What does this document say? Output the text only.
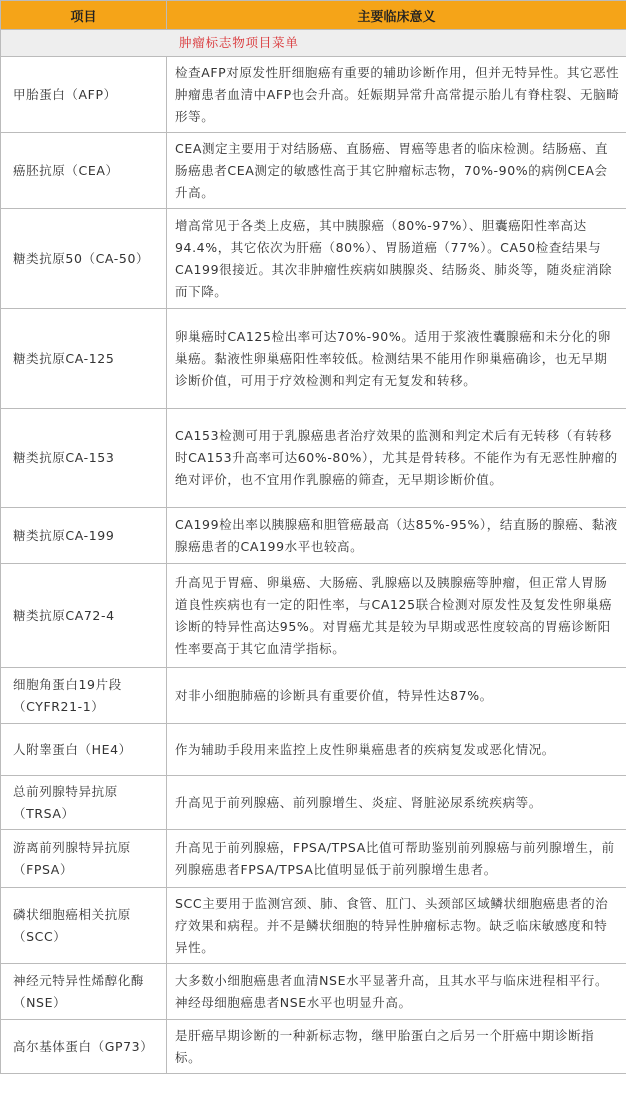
项目	主要临床意义
肿瘤标志物项目菜单	
甲胎蛋白（AFP）	检查AFP对原发性肝细胞癌有重要的辅助诊断作用，但并无特异性。其它恶性肿瘤患者血清中AFP也会升高。妊娠期异常升高常提示胎儿有脊柱裂、无脑畸形等。
癌胚抗原（CEA）	CEA测定主要用于对结肠癌、直肠癌、胃癌等患者的临床检测。结肠癌、直肠癌患者CEA测定的敏感性高于其它肿瘤标志物，70%-90%的病例CEA会升高。
糖类抗原50（CA-50）	增高常见于各类上皮癌，其中胰腺癌（80%-97%）、胆囊癌阳性率高达94.4%，其它依次为肝癌（80%）、胃肠道癌（77%）。CA50检查结果与CA199很接近。其次非肿瘤性疾病如胰腺炎、结肠炎、肺炎等，随炎症消除而下降。
糖类抗原CA-125	卵巢癌时CA125检出率可达70%-90%。适用于浆液性囊腺癌和未分化的卵巢癌。黏液性卵巢癌阳性率较低。检测结果不能用作卵巢癌确诊，也无早期诊断价值，可用于疗效检测和判定有无复发和转移。
糖类抗原CA-153	CA153检测可用于乳腺癌患者治疗效果的监测和判定术后有无转移（有转移时CA153升高率可达60%-80%），尤其是骨转移。不能作为有无恶性肿瘤的绝对评价，也不宜用作乳腺癌的筛查，无早期诊断价值。
糖类抗原CA-199	CA199检出率以胰腺癌和胆管癌最高（达85%-95%），结直肠的腺癌、黏液腺癌患者的CA199水平也较高。
糖类抗原CA72-4	升高见于胃癌、卵巢癌、大肠癌、乳腺癌以及胰腺癌等肿瘤，但正常人胃肠道良性疾病也有一定的阳性率，与CA125联合检测对原发性及复发性卵巢癌诊断的特异性高达95%。对胃癌尤其是较为早期或恶性度较高的胃癌诊断阳性率要高于其它血清学指标。
细胞角蛋白19片段（CYFR21-1）	对非小细胞肺癌的诊断具有重要价值，特异性达87%。
人附睾蛋白（HE4）	作为辅助手段用来监控上皮性卵巢癌患者的疾病复发或恶化情况。
总前列腺特异抗原（TRSA）	升高见于前列腺癌、前列腺增生、炎症、肾脏泌尿系统疾病等。
游离前列腺特异抗原（FPSA）	升高见于前列腺癌，FPSA/TPSA比值可帮助鉴别前列腺癌与前列腺增生，前列腺癌患者FPSA/TPSA比值明显低于前列腺增生患者。
磷状细胞癌相关抗原（SCC）	SCC主要用于监测宫颈、肺、食管、肛门、头颈部区域鳞状细胞癌患者的治疗效果和病程。并不是鳞状细胞的特异性肿瘤标志物。缺乏临床敏感度和特异性。
神经元特异性烯醇化酶（NSE）	大多数小细胞癌患者血清NSE水平显著升高，且其水平与临床进程相平行。神经母细胞癌患者NSE水平也明显升高。
高尔基体蛋白（GP73）	是肝癌早期诊断的一种新标志物，继甲胎蛋白之后另一个肝癌中期诊断指标。
